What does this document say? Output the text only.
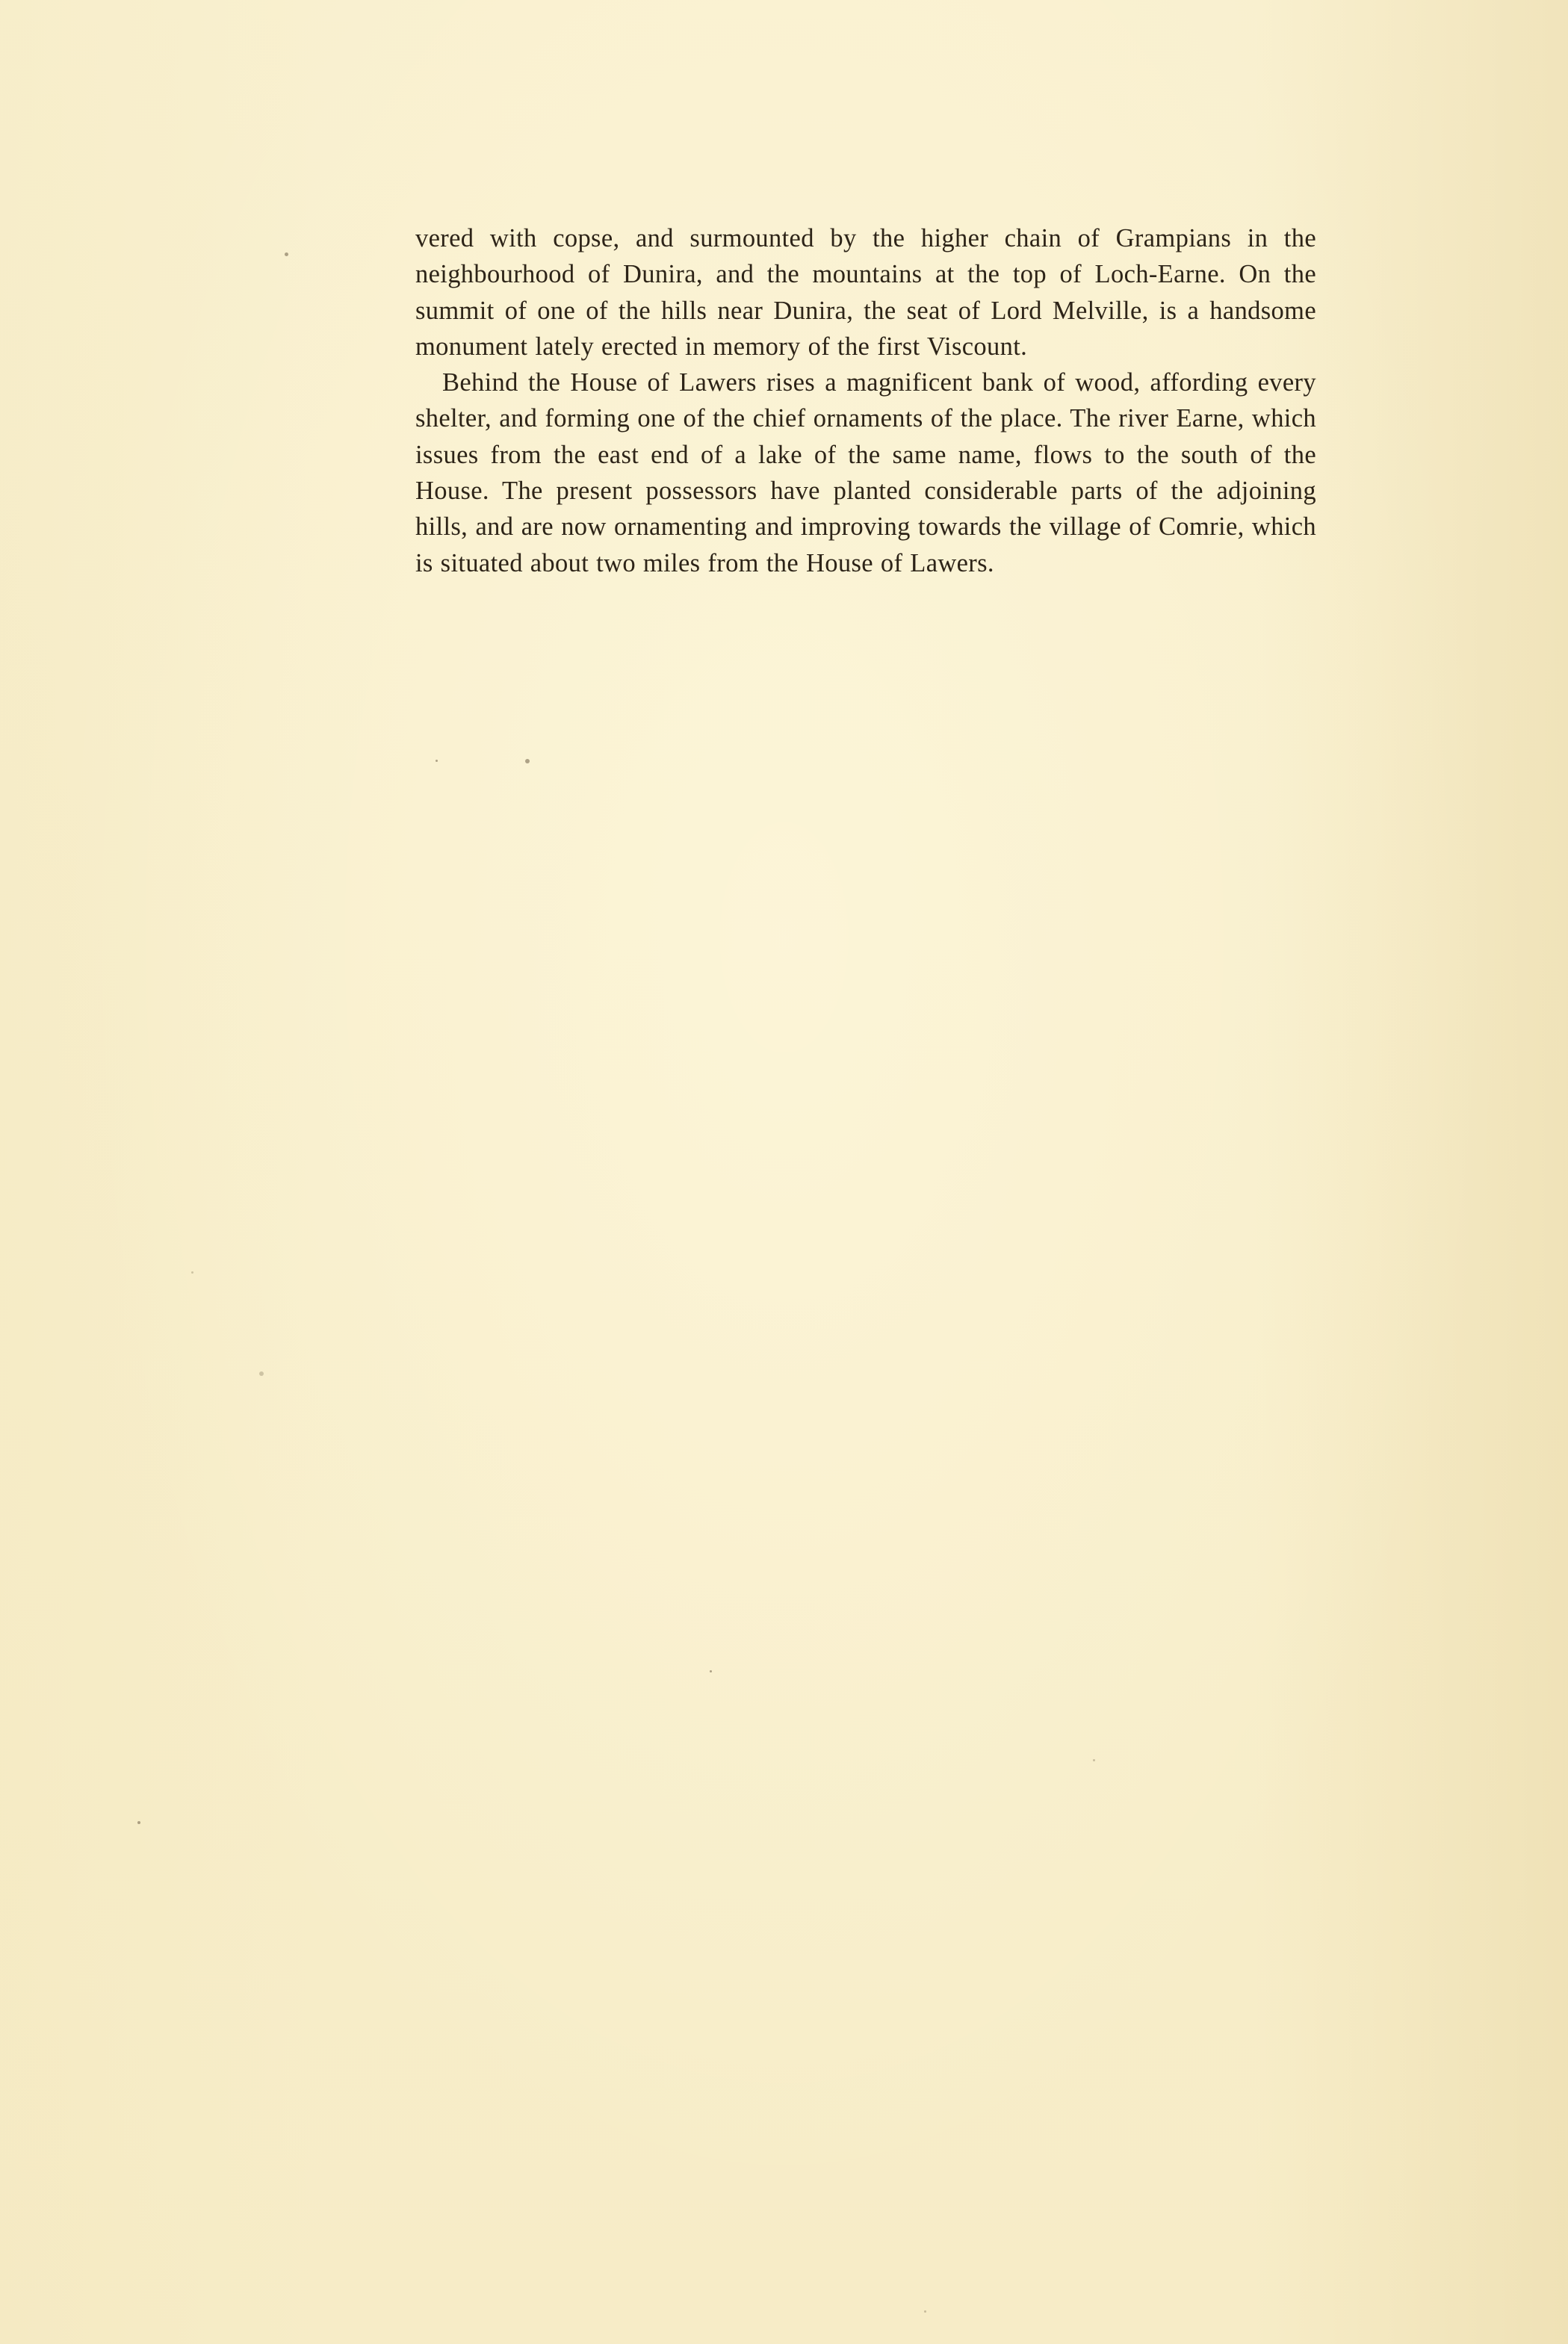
vered with copse, and surmounted by the higher chain of Grampians in the neighbourhood of Dunira, and the mountains at the top of Loch-Earne. On the summit of one of the hills near Dunira, the seat of Lord Melville, is a handsome monument lately erected in memory of the first Viscount.

Behind the House of Lawers rises a magnificent bank of wood, affording every shelter, and forming one of the chief ornaments of the place. The river Earne, which issues from the east end of a lake of the same name, flows to the south of the House. The present possessors have planted considerable parts of the adjoining hills, and are now ornamenting and improving towards the village of Comrie, which is situated about two miles from the House of Lawers.
